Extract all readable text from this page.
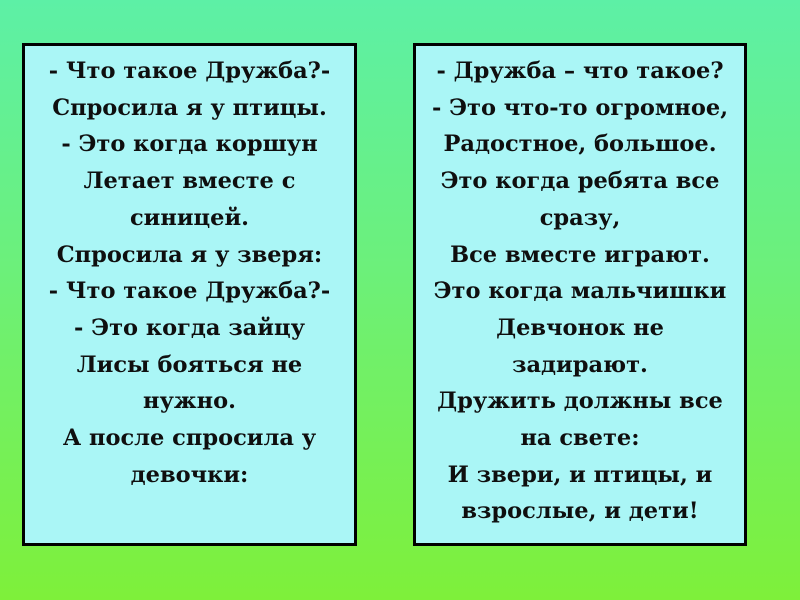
- Что такое Дружба?-
Спросила я у птицы.
- Это когда коршун
Летает вместе с
синицей.
Спросила я у зверя:
- Что такое Дружба?-
- Это когда зайцу
Лисы бояться не
нужно.
А после спросила у
девочки:
- Дружба – что такое?
- Это что-то огромное,
Радостное, большое.
Это когда ребята все
сразу,
Все вместе играют.
Это когда мальчишки
Девчонок не
задирают.
Дружить должны все
на свете:
И звери, и птицы, и
взрослые, и дети!
